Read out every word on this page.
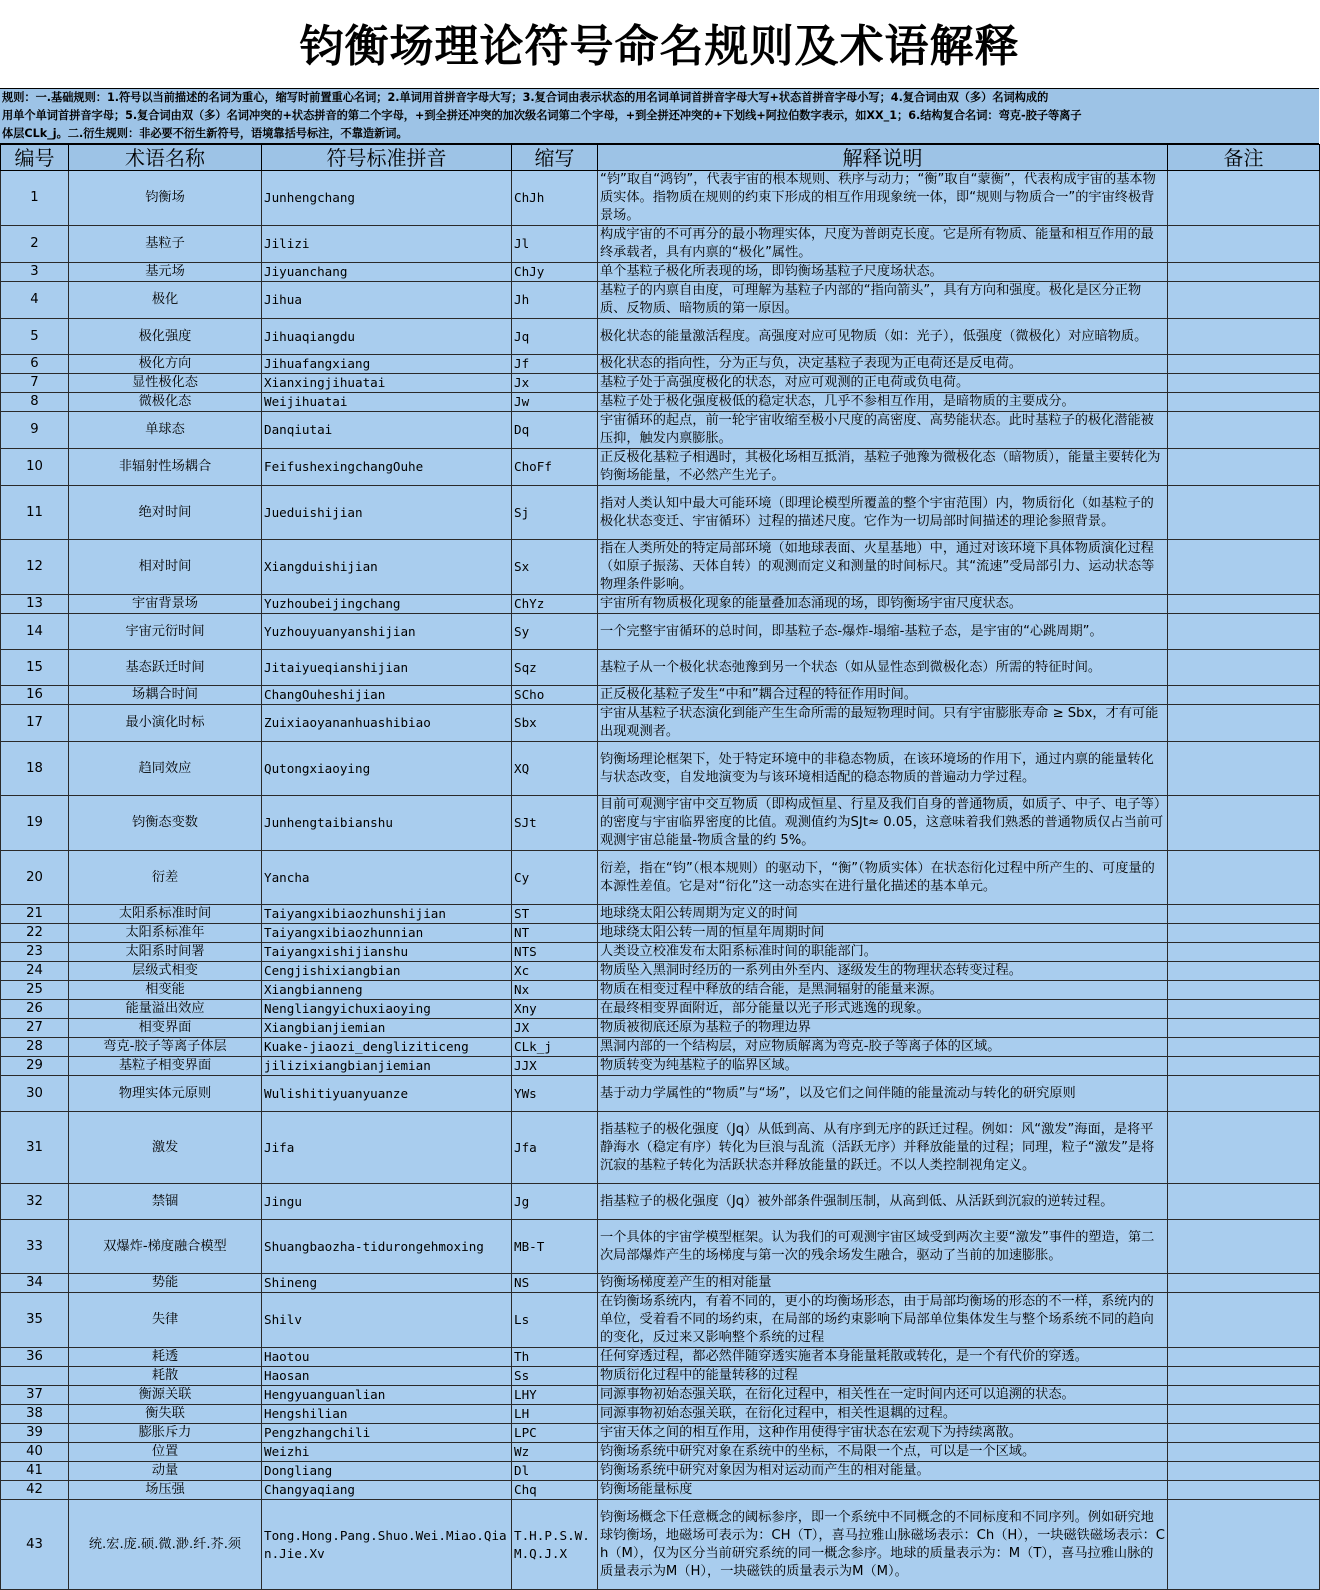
钧衡场理论符号命名规则及术语解释
规则：一.基础规则：1.符号以当前描述的名词为重心，缩写时前置重心名词；2.单词用首拼音字母大写；3.复合词由表示状态的用名词单词首拼音字母大写+状态首拼音字母小写；4.复合词由双（多）名词构成的
用单个单词首拼音字母；5.复合词由双（多）名词冲突的+状态拼音的第二个字母，+到全拼还冲突的加次级名词第二个字母，+到全拼还冲突的+下划线+阿拉伯数字表示，如XX_1；6.结构复合名词：弯克-胶子等离子
体层CLk_j。二.衍生规则：非必要不衍生新符号，语境靠括号标注，不靠造新词。
编号	术语名称	符号标准拼音	缩写	解释说明	备注
1	钧衡场	Junhengchang	ChJh	“钧”取自“鸿钧”，代表宇宙的根本规则、秩序与动力；“衡”取自“蒙衡”，代表构成宇宙的基本物质实体。指物质在规则的约束下形成的相互作用现象统一体，即“规则与物质合一”的宇宙终极背景场。	
2	基粒子	Jilizi	Jl	构成宇宙的不可再分的最小物理实体，尺度为普朗克长度。它是所有物质、能量和相互作用的最终承载者，具有内禀的“极化”属性。	
3	基元场	Jiyuanchang	ChJy	单个基粒子极化所表现的场，即钧衡场基粒子尺度场状态。	
4	极化	Jihua	Jh	基粒子的内禀自由度，可理解为基粒子内部的“指向箭头”，具有方向和强度。极化是区分正物质、反物质、暗物质的第一原因。	
5	极化强度	Jihuaqiangdu	Jq	极化状态的能量激活程度。高强度对应可见物质（如：光子），低强度（微极化）对应暗物质。	
6	极化方向	Jihuafangxiang	Jf	极化状态的指向性，分为正与负，决定基粒子表现为正电荷还是反电荷。	
7	显性极化态	Xianxingjihuatai	Jx	基粒子处于高强度极化的状态，对应可观测的正电荷或负电荷。	
8	微极化态	Weijihuatai	Jw	基粒子处于极化强度极低的稳定状态，几乎不参相互作用，是暗物质的主要成分。	
9	单球态	Danqiutai	Dq	宇宙循环的起点，前一轮宇宙收缩至极小尺度的高密度、高势能状态。此时基粒子的极化潜能被压抑，触发内禀膨胀。	
10	非辐射性场耦合	FeifushexingchangOuhe	ChoFf	正反极化基粒子相遇时，其极化场相互抵消，基粒子弛豫为微极化态（暗物质），能量主要转化为钧衡场能量，不必然产生光子。	
11	绝对时间	Jueduishijian	Sj	指对人类认知中最大可能环境（即理论模型所覆盖的整个宇宙范围）内，物质衍化（如基粒子的极化状态变迁、宇宙循环）过程的描述尺度。它作为一切局部时间描述的理论参照背景。	
12	相对时间	Xiangduishijian	Sx	指在人类所处的特定局部环境（如地球表面、火星基地）中，通过对该环境下具体物质演化过程（如原子振荡、天体自转）的观测而定义和测量的时间标尺。其“流速”受局部引力、运动状态等物理条件影响。	
13	宇宙背景场	Yuzhoubeijingchang	ChYz	宇宙所有物质极化现象的能量叠加态涌现的场，即钧衡场宇宙尺度状态。	
14	宇宙元衍时间	Yuzhouyuanyanshijian	Sy	一个完整宇宙循环的总时间，即基粒子态-爆炸-塌缩-基粒子态，是宇宙的“心跳周期”。	
15	基态跃迁时间	Jitaiyueqianshijian	Sqz	基粒子从一个极化状态弛豫到另一个状态（如从显性态到微极化态）所需的特征时间。	
16	场耦合时间	ChangOuheshijian	SCho	正反极化基粒子发生“中和”耦合过程的特征作用时间。	
17	最小演化时标	Zuixiaoyananhuashibiao	Sbx	宇宙从基粒子状态演化到能产生生命所需的最短物理时间。只有宇宙膨胀寿命 ≥ Sbx，才有可能出现观测者。	
18	趋同效应	Qutongxiaoying	XQ	钧衡场理论框架下，处于特定环境中的非稳态物质，在该环境场的作用下，通过内禀的能量转化与状态改变，自发地演变为与该环境相适配的稳态物质的普遍动力学过程。	
19	钧衡态变数	Junhengtaibianshu	SJt	目前可观测宇宙中交互物质（即构成恒星、行星及我们自身的普通物质，如质子、中子、电子等）的密度与宇宙临界密度的比值。观测值约为SJt≈ 0.05，这意味着我们熟悉的普通物质仅占当前可观测宇宙总能量-物质含量的约 5%。	
20	衍差	Yancha	Cy	衍差，指在“钧”（根本规则）的驱动下，“衡”（物质实体）在状态衍化过程中所产生的、可度量的本源性差值。它是对“衍化”这一动态实在进行量化描述的基本单元。	
21	太阳系标准时间	Taiyangxibiaozhunshijian	ST	地球绕太阳公转周期为定义的时间	
22	太阳系标准年	Taiyangxibiaozhunnian	NT	地球绕太阳公转一周的恒星年周期时间	
23	太阳系时间署	Taiyangxishijianshu	NTS	人类设立校准发布太阳系标准时间的职能部门。	
24	层级式相变	Cengjishixiangbian	Xc	物质坠入黑洞时经历的一系列由外至内、逐级发生的物理状态转变过程。	
25	相变能	Xiangbianneng	Nx	物质在相变过程中释放的结合能，是黑洞辐射的能量来源。	
26	能量溢出效应	Nengliangyichuxiaoying	Xny	在最终相变界面附近，部分能量以光子形式逃逸的现象。	
27	相变界面	Xiangbianjiemian	JX	物质被彻底还原为基粒子的物理边界	
28	弯克-胶子等离子体层	Kuake-jiaozi_dengliziticeng	CLk_j	黑洞内部的一个结构层，对应物质解离为弯克-胶子等离子体的区域。	
29	基粒子相变界面	jilizixiangbianjiemian	JJX	物质转变为纯基粒子的临界区域。	
30	物理实体元原则	Wulishitiyuanyuanze	YWs	基于动力学属性的“物质”与“场”，以及它们之间伴随的能量流动与转化的研究原则	
31	激发	Jifa	Jfa	指基粒子的极化强度（Jq）从低到高、从有序到无序的跃迁过程。例如：风“激发”海面，是将平静海水（稳定有序）转化为巨浪与乱流（活跃无序）并释放能量的过程；同理，粒子“激发”是将沉寂的基粒子转化为活跃状态并释放能量的跃迁。不以人类控制视角定义。	
32	禁锢	Jingu	Jg	指基粒子的极化强度（Jq）被外部条件强制压制，从高到低、从活跃到沉寂的逆转过程。	
33	双爆炸-梯度融合模型	Shuangbaozha-tidurongehmoxing	MB-T	一个具体的宇宙学模型框架。认为我们的可观测宇宙区域受到两次主要“激发”事件的塑造，第二次局部爆炸产生的场梯度与第一次的残余场发生融合，驱动了当前的加速膨胀。	
34	势能	Shineng	NS	钧衡场梯度差产生的相对能量	
35	失律	Shilv	Ls	在钧衡场系统内，有着不同的，更小的均衡场形态，由于局部均衡场的形态的不一样，系统内的单位，受着看不同的场约束，在局部的场约束影响下局部单位集体发生与整个场系统不同的趋向的变化，反过来又影响整个系统的过程	
36	耗透	Haotou	Th	任何穿透过程，都必然伴随穿透实施者本身能量耗散或转化，是一个有代价的穿透。	
	耗散	Haosan	Ss	物质衍化过程中的能量转移的过程	
37	衡源关联	Hengyuanguanlian	LHY	同源事物初始态强关联，在衍化过程中，相关性在一定时间内还可以追溯的状态。	
38	衡失联	Hengshilian	LH	同源事物初始态强关联，在衍化过程中，相关性退耦的过程。	
39	膨胀斥力	Pengzhangchili	LPC	宇宙天体之间的相互作用，这种作用使得宇宙状态在宏观下为持续离散。	
40	位置	Weizhi	Wz	钧衡场系统中研究对象在系统中的坐标，不局限一个点，可以是一个区域。	
41	动量	Dongliang	Dl	钧衡场系统中研究对象因为相对运动而产生的相对能量。	
42	场压强	Changyaqiang	Chq	钧衡场能量标度	
43	统.宏.庞.硕.微.渺.纤.芥.须	Tong.Hong.Pang.Shuo.Wei.Miao.Qian.Jie.Xv	T.H.P.S.W.M.Q.J.X	钧衡场概念下任意概念的阈标参序，即一个系统中不同概念的不同标度和不同序列。例如研究地球钧衡场，地磁场可表示为：CH（T），喜马拉雅山脉磁场表示：Ch（H），一块磁铁磁场表示：Ch（M），仅为区分当前研究系统的同一概念参序。地球的质量表示为：M（T），喜马拉雅山脉的质量表示为M（H），一块磁铁的质量表示为M（M）。	
